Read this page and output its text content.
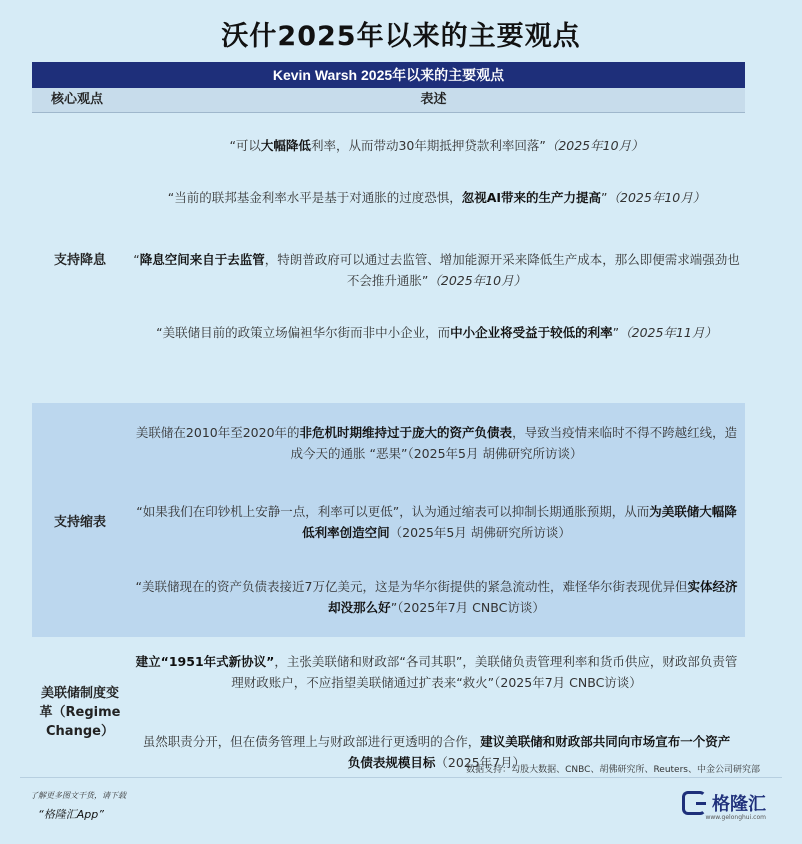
沃什2025年以来的主要观点
Kevin Warsh 2025年以来的主要观点
核心观点	表述
支持降息
“可以大幅降低利率，从而带动30年期抵押贷款利率回落”（2025年10月）
“当前的联邦基金利率水平是基于对通胀的过度恐惧，忽视AI带来的生产力提高”（2025年10月）
“降息空间来自于去监管，特朗普政府可以通过去监管、增加能源开采来降低生产成本，那么即便需求端强劲也不会推升通胀”（2025年10月）
“美联储目前的政策立场偏袒华尔街而非中小企业，而中小企业将受益于较低的利率”（2025年11月）
支持缩表
美联储在2010年至2020年的非危机时期维持过于庞大的资产负债表，导致当疫情来临时不得不跨越红线，造成今天的通胀 “恶果”（2025年5月 胡佛研究所访谈）
“如果我们在印钞机上安静一点，利率可以更低”，认为通过缩表可以抑制长期通胀预期，从而为美联储大幅降低利率创造空间（2025年5月 胡佛研究所访谈）
“美联储现在的资产负债表接近7万亿美元，这是为华尔街提供的紧急流动性，难怪华尔街表现优异但实体经济却没那么好”（2025年7月 CNBC访谈）
美联储制度变革（Regime Change）
建立“1951年式新协议”，主张美联储和财政部“各司其职”，美联储负责管理利率和货币供应，财政部负责管理财政账户，不应指望美联储通过扩表来“救火”（2025年7月 CNBC访谈）
虽然职责分开，但在债务管理上与财政部进行更透明的合作，建议美联储和财政部共同向市场宣布一个资产负债表规模目标（2025年7月）
数据支持：勾股大数据、CNBC、胡佛研究所、Reuters、中金公司研究部
了解更多图文干货，请下载
“格隆汇App”	格隆汇
www.gelonghui.com
